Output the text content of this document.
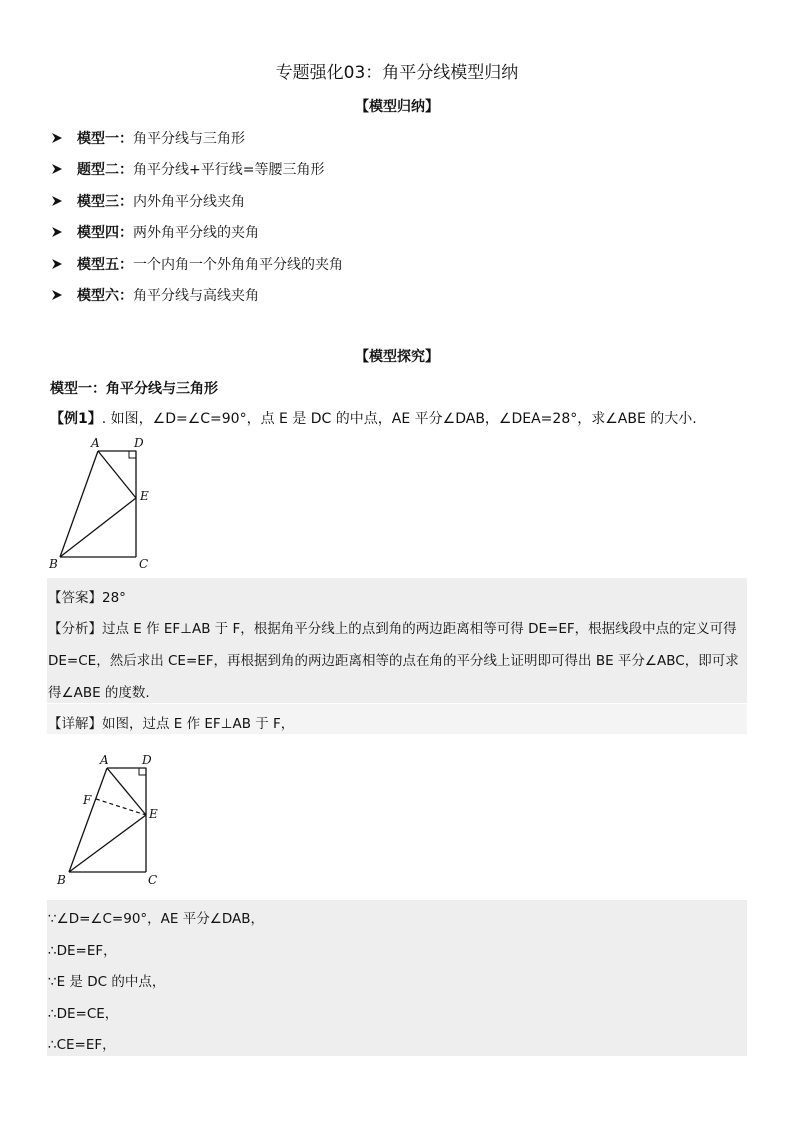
专题强化03：角平分线模型归纳
【模型归纳】
模型一： 角平分线与三角形
题型二： 角平分线+平行线=等腰三角形
模型三： 内外角平分线夹角
模型四： 两外角平分线的夹角
模型五： 一个内角一个外角角平分线的夹角
模型六： 角平分线与高线夹角
【模型探究】
模型一：角平分线与三角形
【例1】. 如图，∠D=∠C=90°，点 E 是 DC 的中点，AE 平分∠DAB，∠DEA=28°，求∠ABE 的大小.
A	D
E
B	C
【答案】28°
【分析】过点 E 作 EF⊥AB 于 F，根据角平分线上的点到角的两边距离相等可得 DE=EF，根据线段中点的定义可得
DE=CE，然后求出 CE=EF，再根据到角的两边距离相等的点在角的平分线上证明即可得出 BE 平分∠ABC，即可求
得∠ABE 的度数.
【详解】如图，过点 E 作 EF⊥AB 于 F，
A	D
F
E
B	C
∵∠D=∠C=90°，AE 平分∠DAB，
∴DE=EF，
∵E 是 DC 的中点，
∴DE=CE，
∴CE=EF，
